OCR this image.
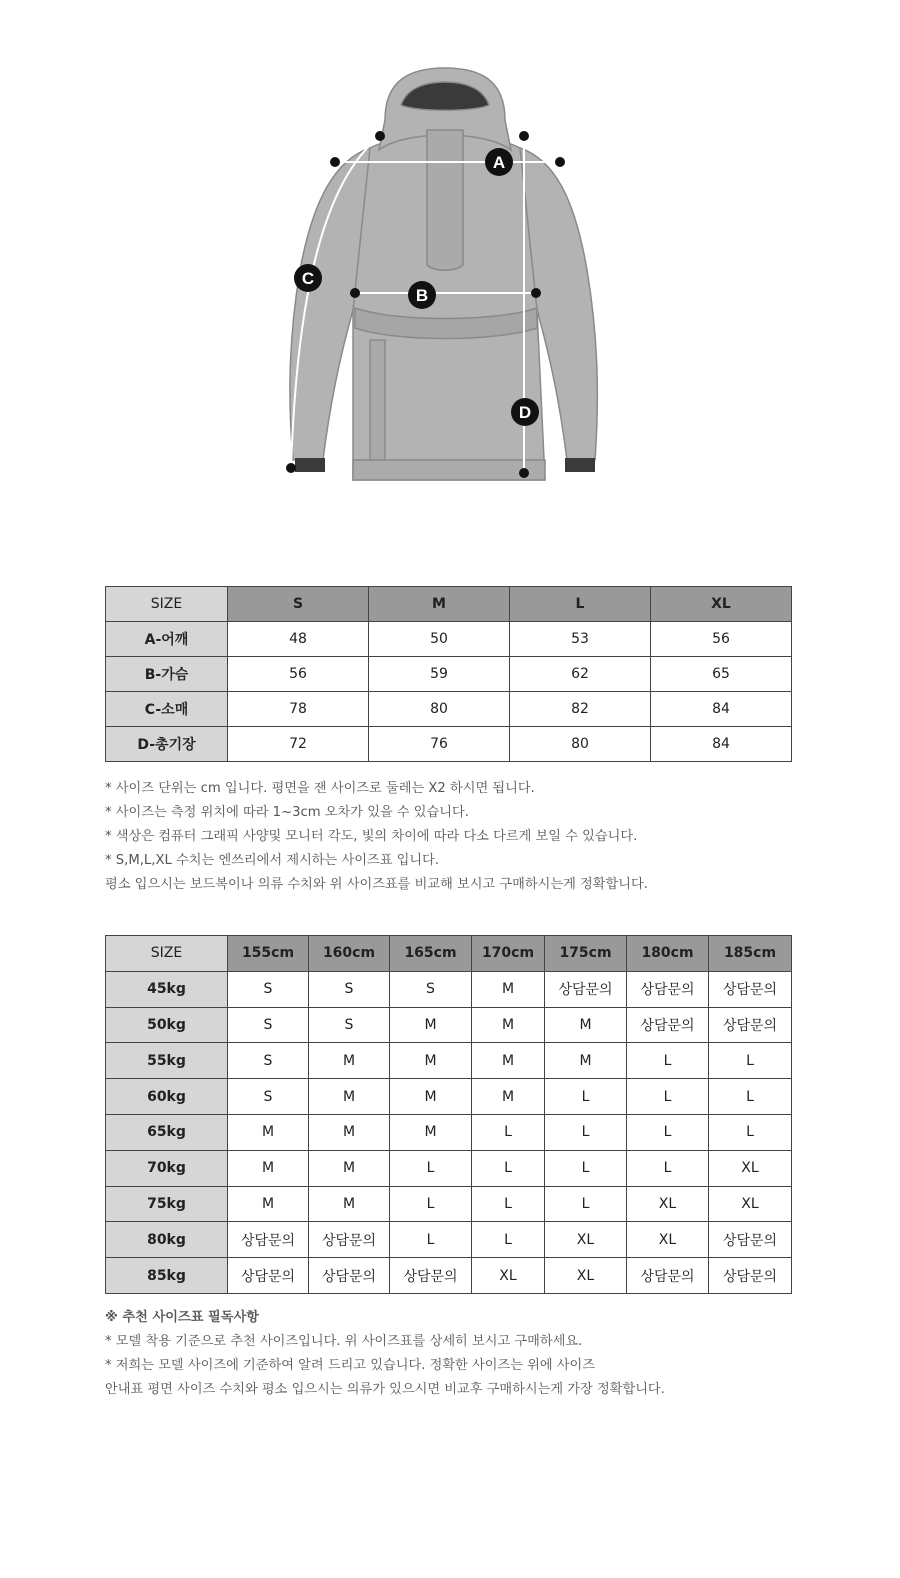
A
B
C
D
SIZE	S	M	L	XL
A-어깨	48	50	53	56
B-가슴	56	59	62	65
C-소매	78	80	82	84
D-총기장	72	76	80	84

* 사이즈 단위는 cm 입니다. 평면을 잰 사이즈로 둘레는 X2 하시면 됩니다.

* 사이즈는 측정 위치에 따라 1~3cm 오차가 있을 수 있습니다.

* 색상은 컴퓨터 그래픽 사양및 모니터 각도, 빛의 차이에 따라 다소 다르게 보일 수 있습니다.

* S,M,L,XL 수치는 엔쓰리에서 제시하는 사이즈표 입니다.

평소 입으시는 보드복이나 의류 수치와 위 사이즈표를 비교해 보시고 구매하시는게 정확합니다.

SIZE	155cm	160cm	165cm	170cm	175cm	180cm	185cm
45kg	S	S	S	M	상담문의	상담문의	상담문의
50kg	S	S	M	M	M	상담문의	상담문의
55kg	S	M	M	M	M	L	L
60kg	S	M	M	M	L	L	L
65kg	M	M	M	L	L	L	L
70kg	M	M	L	L	L	L	XL
75kg	M	M	L	L	L	XL	XL
80kg	상담문의	상담문의	L	L	XL	XL	상담문의
85kg	상담문의	상담문의	상담문의	XL	XL	상담문의	상담문의

※ 추천 사이즈표 필독사항

* 모델 착용 기준으로 추천 사이즈입니다. 위 사이즈표를 상세히 보시고 구매하세요.

* 저희는 모델 사이즈에 기준하여 알려 드리고 있습니다. 정확한 사이즈는 위에 사이즈

안내표 평면 사이즈 수치와 평소 입으시는 의류가 있으시면 비교후 구매하시는게 가장 정확합니다.
